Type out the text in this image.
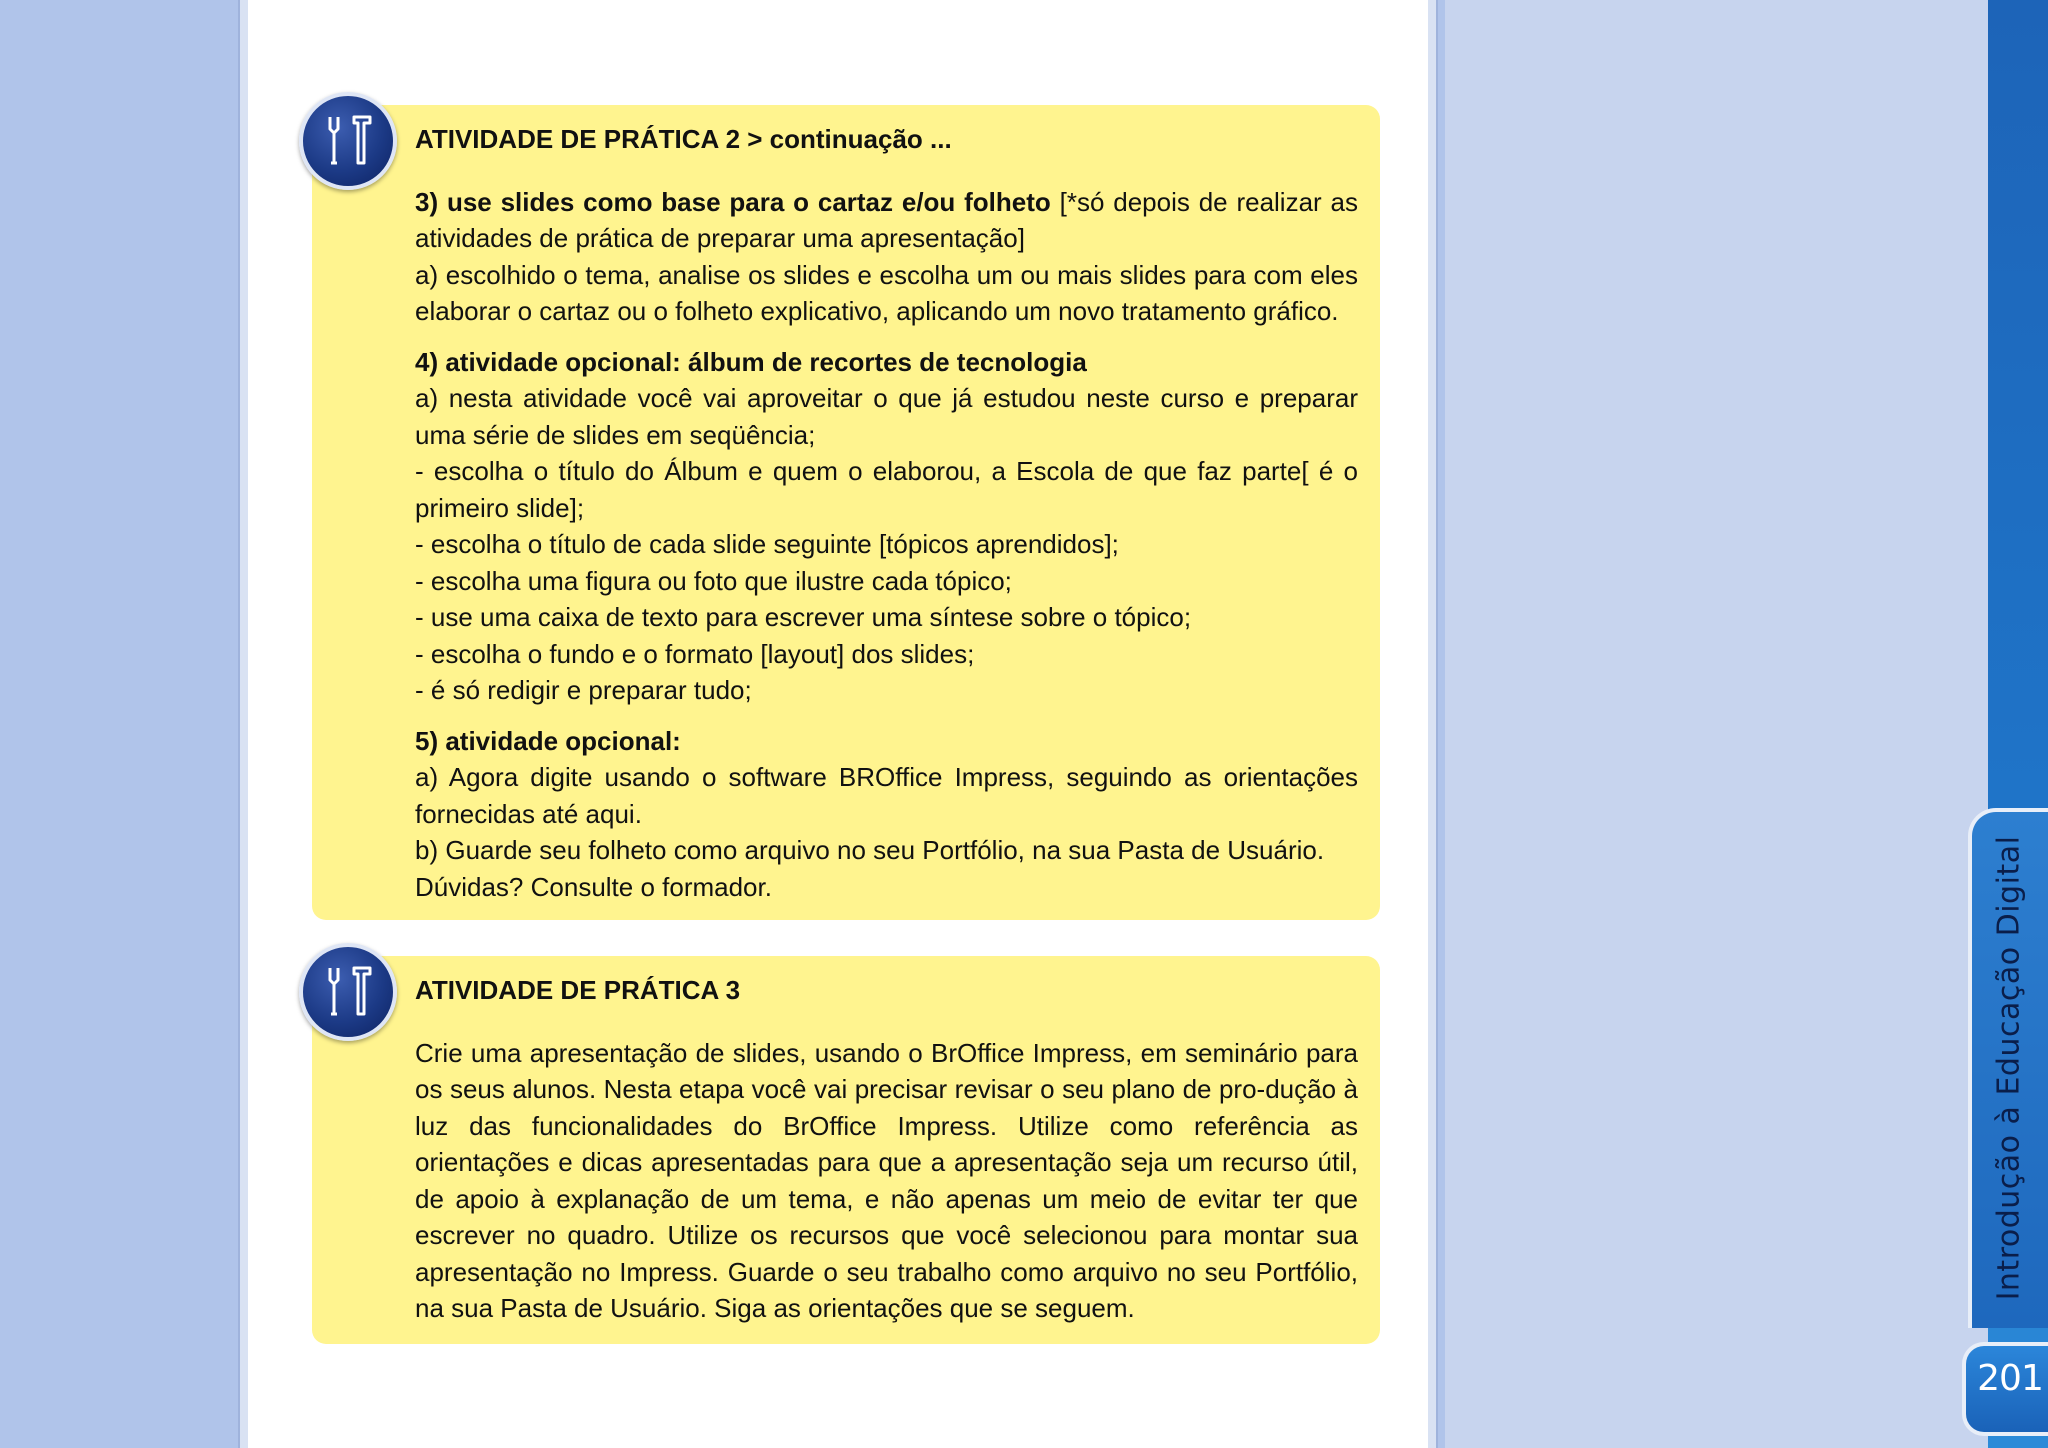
ATIVIDADE DE PRÁTICA 2 > continuação ...

3) use slides como base para o cartaz e/ou folheto [*só depois de realizar as atividades de prática de preparar uma apresentação]
a) escolhido o tema, analise os slides e escolha um ou mais slides para com eles elaborar o cartaz ou o folheto explicativo, aplicando um novo tratamento gráfico.

4) atividade opcional: álbum de recortes de tecnologia
a) nesta atividade você vai aproveitar o que já estudou neste curso e preparar uma série de slides em seqüência;
- escolha o título do Álbum e quem o elaborou, a Escola de que faz parte[ é o primeiro slide];
- escolha o título de cada slide seguinte [tópicos aprendidos];
- escolha uma figura ou foto que ilustre cada tópico;
- use uma caixa de texto para escrever uma síntese sobre o tópico;
- escolha o fundo e o formato [layout] dos slides;
- é só redigir e preparar tudo;

5) atividade opcional:
a) Agora digite usando o software BROffice Impress, seguindo as orientações fornecidas até aqui.
b) Guarde seu folheto como arquivo no seu Portfólio, na sua Pasta de Usuário.
Dúvidas? Consulte o formador.

ATIVIDADE DE PRÁTICA 3

Crie uma apresentação de slides, usando o BrOffice Impress, em seminário para os seus alunos. Nesta etapa você vai precisar revisar o seu plano de pro-dução à luz das funcionalidades do BrOffice Impress. Utilize como referência as orientações e dicas apresentadas para que a apresentação seja um recurso útil, de apoio à explanação de um tema, e não apenas um meio de evitar ter que escrever no quadro. Utilize os recursos que você selecionou para montar sua apresentação no Impress. Guarde o seu trabalho como arquivo no seu Portfólio, na sua Pasta de Usuário. Siga as orientações que se seguem.

Introdução à Educação Digital
201
